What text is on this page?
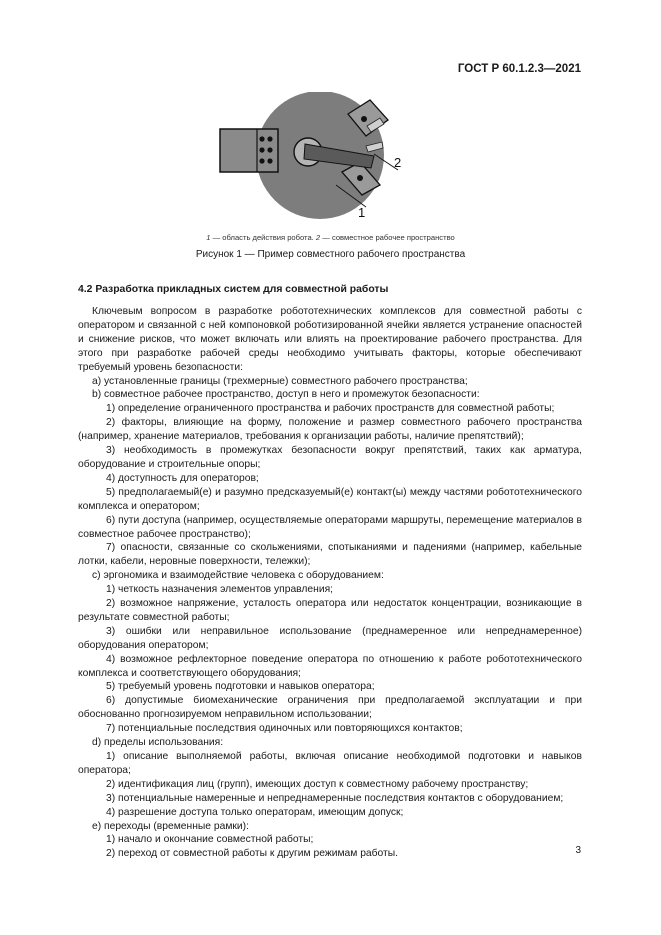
ГОСТ Р 60.1.2.3—2021
2
1
1 — область действия робота. 2 — совместное рабочее пространство
Рисунок 1 — Пример совместного рабочего пространства
4.2 Разработка прикладных систем для совместной работы

Ключевым вопросом в разработке робототехнических комплексов для совместной работы с оператором и связанной с ней компоновкой роботизированной ячейки является устранение опасностей и снижение рисков, что может включать или влиять на проектирование рабочего пространства. Для этого при разработке рабочей среды необходимо учитывать факторы, которые обеспечивают требуемый уровень безопасности:

a) установленные границы (трехмерные) совместного рабочего пространства;

b) совместное рабочее пространство, доступ в него и промежуток безопасности:

1) определение ограниченного пространства и рабочих пространств для совместной работы;

2) факторы, влияющие на форму, положение и размер совместного рабочего пространства (например, хранение материалов, требования к организации работы, наличие препятствий);

3) необходимость в промежутках безопасности вокруг препятствий, таких как арматура, оборудование и строительные опоры;

4) доступность для операторов;

5) предполагаемый(е) и разумно предсказуемый(е) контакт(ы) между частями робототехнического комплекса и оператором;

6) пути доступа (например, осуществляемые операторами маршруты, перемещение материалов в совместное рабочее пространство);

7) опасности, связанные со скольжениями, спотыканиями и падениями (например, кабельные лотки, кабели, неровные поверхности, тележки);

c) эргономика и взаимодействие человека с оборудованием:

1) четкость назначения элементов управления;

2) возможное напряжение, усталость оператора или недостаток концентрации, возникающие в результате совместной работы;

3) ошибки или неправильное использование (преднамеренное или непреднамеренное) оборудования оператором;

4) возможное рефлекторное поведение оператора по отношению к работе робототехнического комплекса и соответствующего оборудования;

5) требуемый уровень подготовки и навыков оператора;

6) допустимые биомеханические ограничения при предполагаемой эксплуатации и при обоснованно прогнозируемом неправильном использовании;

7) потенциальные последствия одиночных или повторяющихся контактов;

d) пределы использования:

1) описание выполняемой работы, включая описание необходимой подготовки и навыков оператора;

2) идентификация лиц (групп), имеющих доступ к совместному рабочему пространству;

3) потенциальные намеренные и непреднамеренные последствия контактов с оборудованием;

4) разрешение доступа только операторам, имеющим допуск;

e) переходы (временные рамки):

1) начало и окончание совместной работы;

2) переход от совместной работы к другим режимам работы.	3
